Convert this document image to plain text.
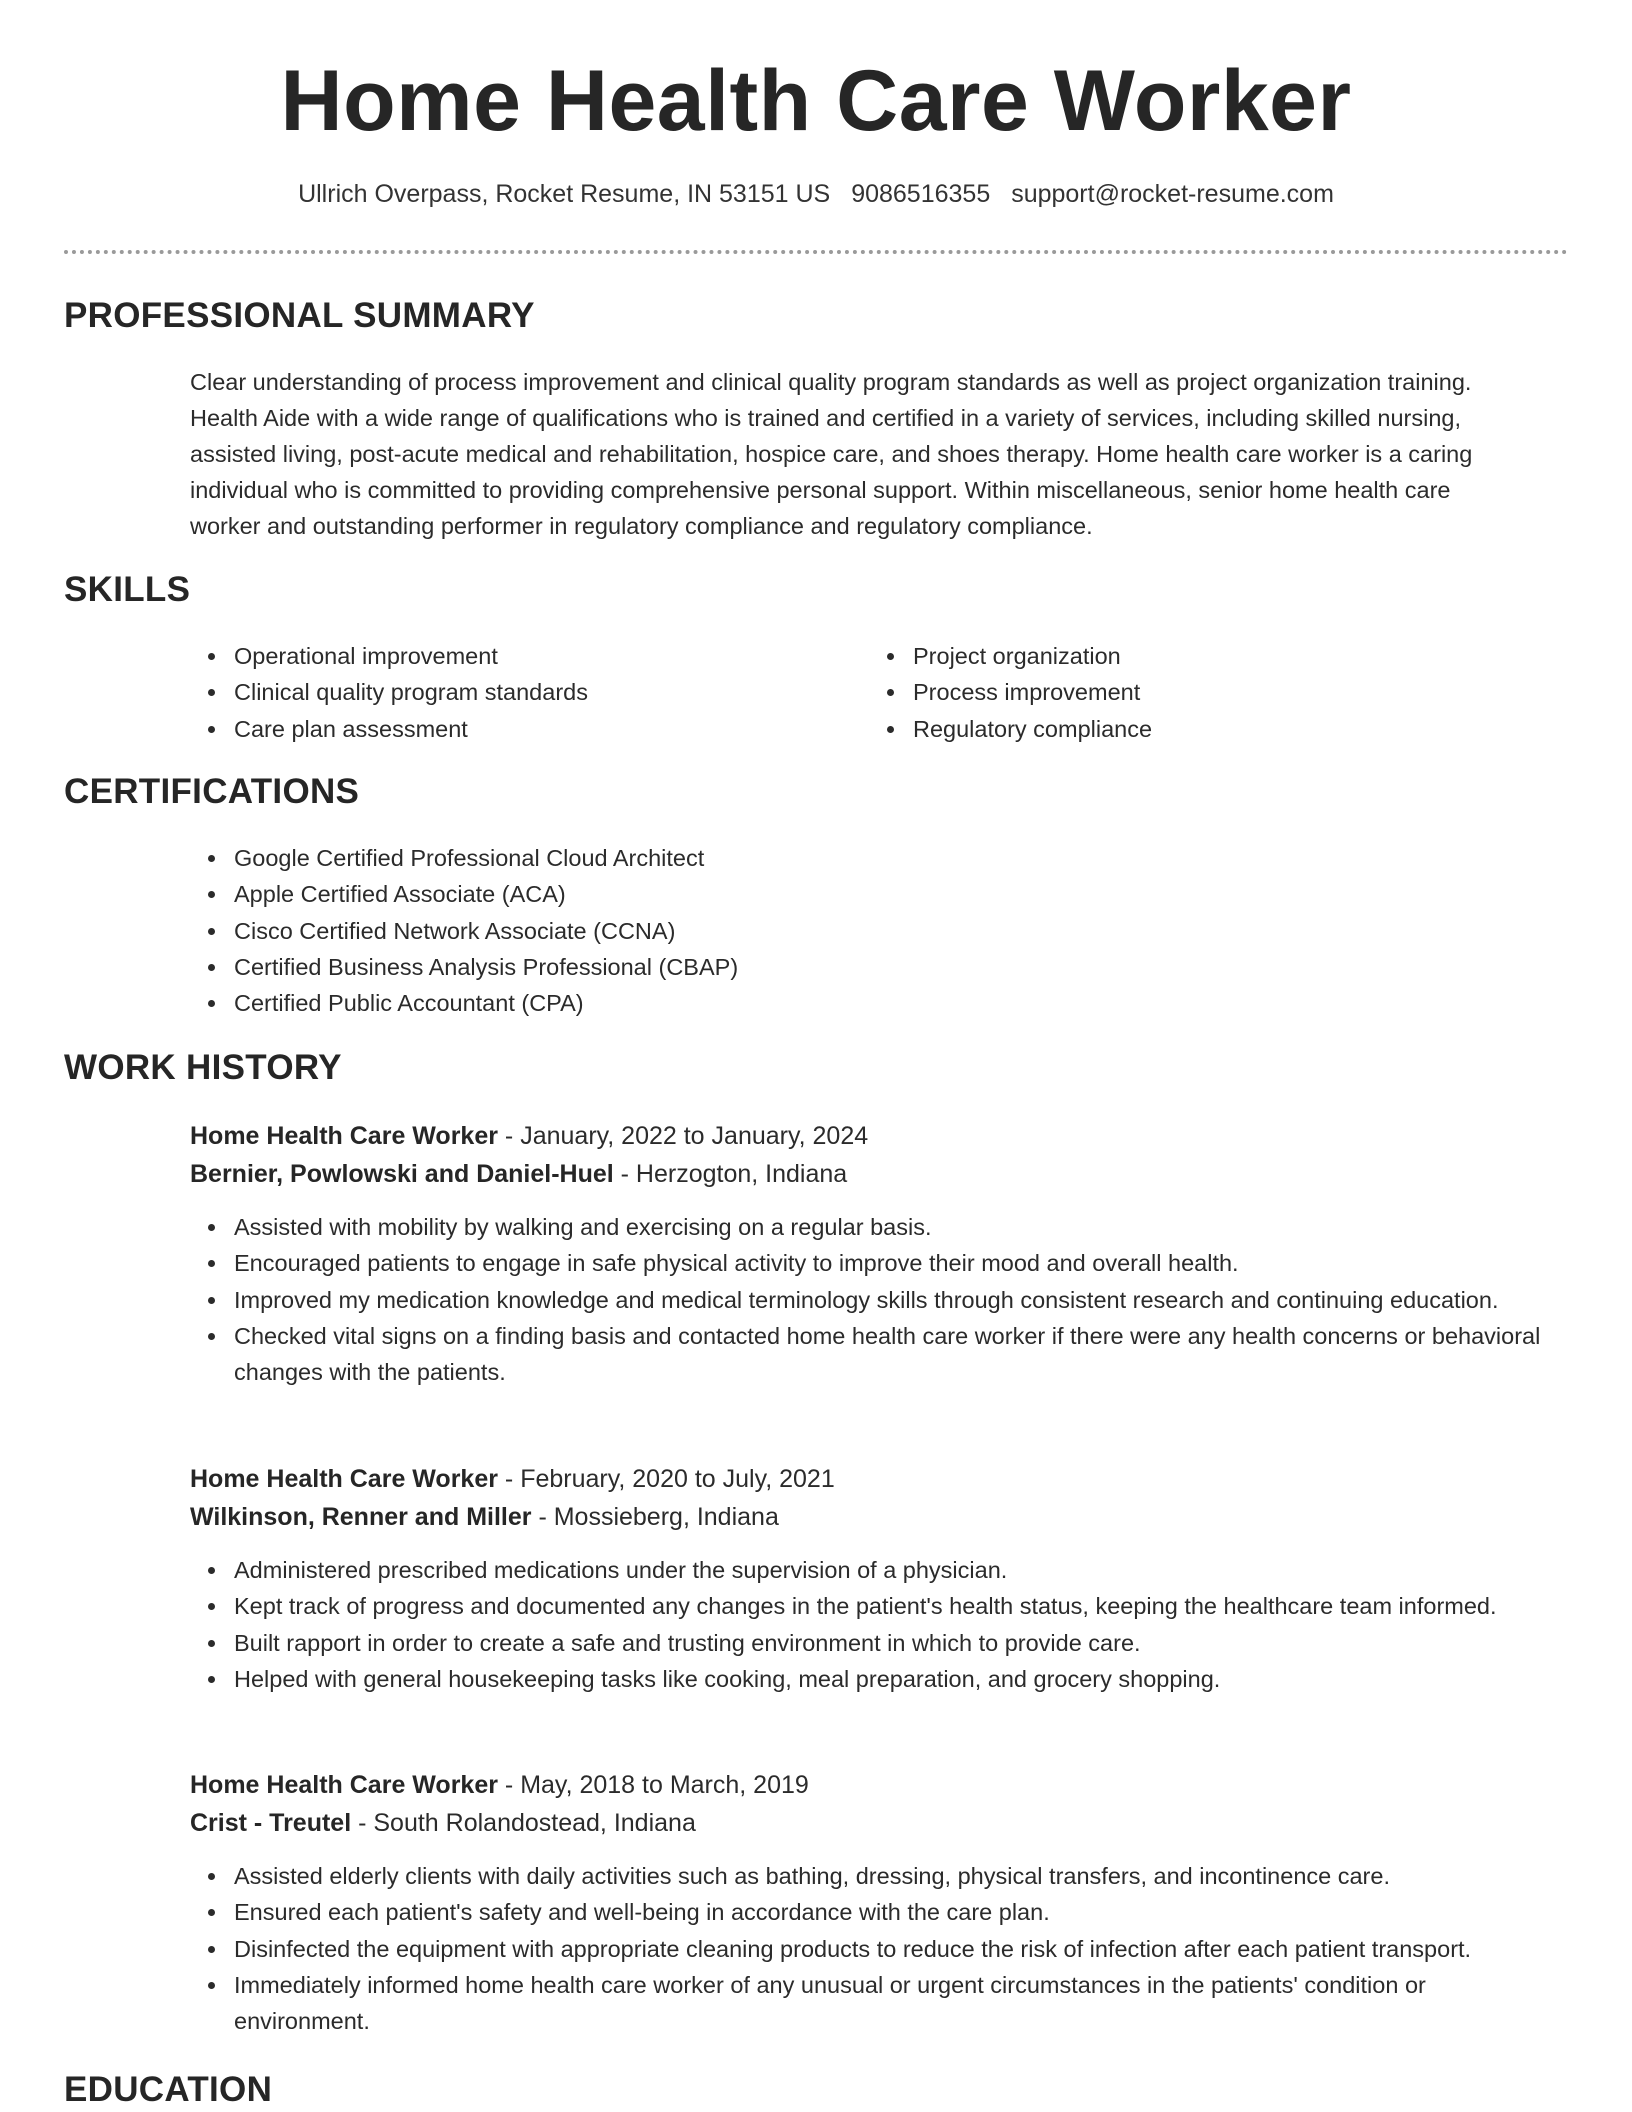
Home Health Care Worker
Ullrich Overpass, Rocket Resume, IN 53151 US 9086516355 support@rocket-resume.com
PROFESSIONAL SUMMARY
Clear understanding of process improvement and clinical quality program standards as well as project organization training.
Health Aide with a wide range of qualifications who is trained and certified in a variety of services, including skilled nursing,
assisted living, post-acute medical and rehabilitation, hospice care, and shoes therapy. Home health care worker is a caring
individual who is committed to providing comprehensive personal support. Within miscellaneous, senior home health care
worker and outstanding performer in regulatory compliance and regulatory compliance.
SKILLS
Operational improvement
Clinical quality program standards
Care plan assessment
Project organization
Process improvement
Regulatory compliance
CERTIFICATIONS
Google Certified Professional Cloud Architect
Apple Certified Associate (ACA)
Cisco Certified Network Associate (CCNA)
Certified Business Analysis Professional (CBAP)
Certified Public Accountant (CPA)
WORK HISTORY
Home Health Care Worker - January, 2022 to January, 2024
Bernier, Powlowski and Daniel-Huel - Herzogton, Indiana
Assisted with mobility by walking and exercising on a regular basis.
Encouraged patients to engage in safe physical activity to improve their mood and overall health.
Improved my medication knowledge and medical terminology skills through consistent research and continuing education.
Checked vital signs on a finding basis and contacted home health care worker if there were any health concerns or behavioral changes with the patients.
Home Health Care Worker - February, 2020 to July, 2021
Wilkinson, Renner and Miller - Mossieberg, Indiana
Administered prescribed medications under the supervision of a physician.
Kept track of progress and documented any changes in the patient's health status, keeping the healthcare team informed.
Built rapport in order to create a safe and trusting environment in which to provide care.
Helped with general housekeeping tasks like cooking, meal preparation, and grocery shopping.
Home Health Care Worker - May, 2018 to March, 2019
Crist - Treutel - South Rolandostead, Indiana
Assisted elderly clients with daily activities such as bathing, dressing, physical transfers, and incontinence care.
Ensured each patient's safety and well-being in accordance with the care plan.
Disinfected the equipment with appropriate cleaning products to reduce the risk of infection after each patient transport.
Immediately informed home health care worker of any unusual or urgent circumstances in the patients' condition or environment.
EDUCATION
